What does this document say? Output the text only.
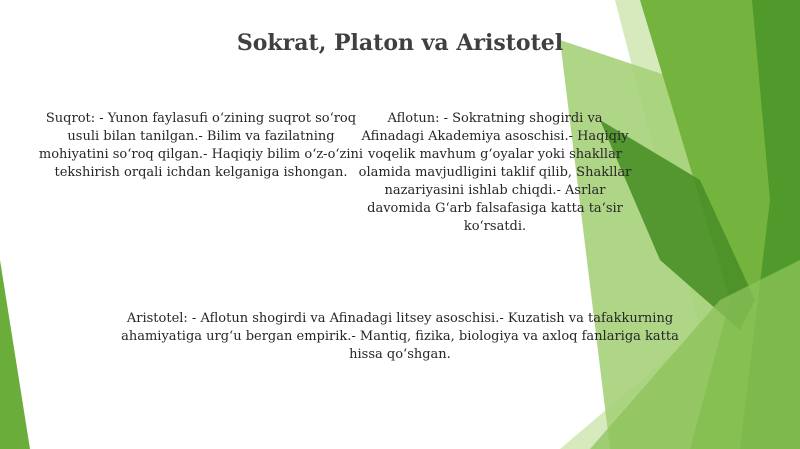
Sokrat, Platon va Aristotel

Suqrot: - Yunon faylasufi o‘zining suqrot so‘roq usuli bilan tanilgan.- Bilim va fazilatning mohiyatini so‘roq qilgan.- Haqiqiy bilim o‘z-o‘zini tekshirish orqali ichdan kelganiga ishongan.

Aflotun: - Sokratning shogirdi va Afinadagi Akademiya asoschisi.- Haqiqiy voqelik mavhum g‘oyalar yoki shakllar olamida mavjudligini taklif qilib, Shakllar nazariyasini ishlab chiqdi.- Asrlar davomida G‘arb falsafasiga katta ta‘sir ko‘rsatdi.

Aristotel: - Aflotun shogirdi va Afinadagi litsey asoschisi.- Kuzatish va tafakkurning ahamiyatiga urg‘u bergan empirik.- Mantiq, fizika, biologiya va axloq fanlariga katta hissa qo‘shgan.
